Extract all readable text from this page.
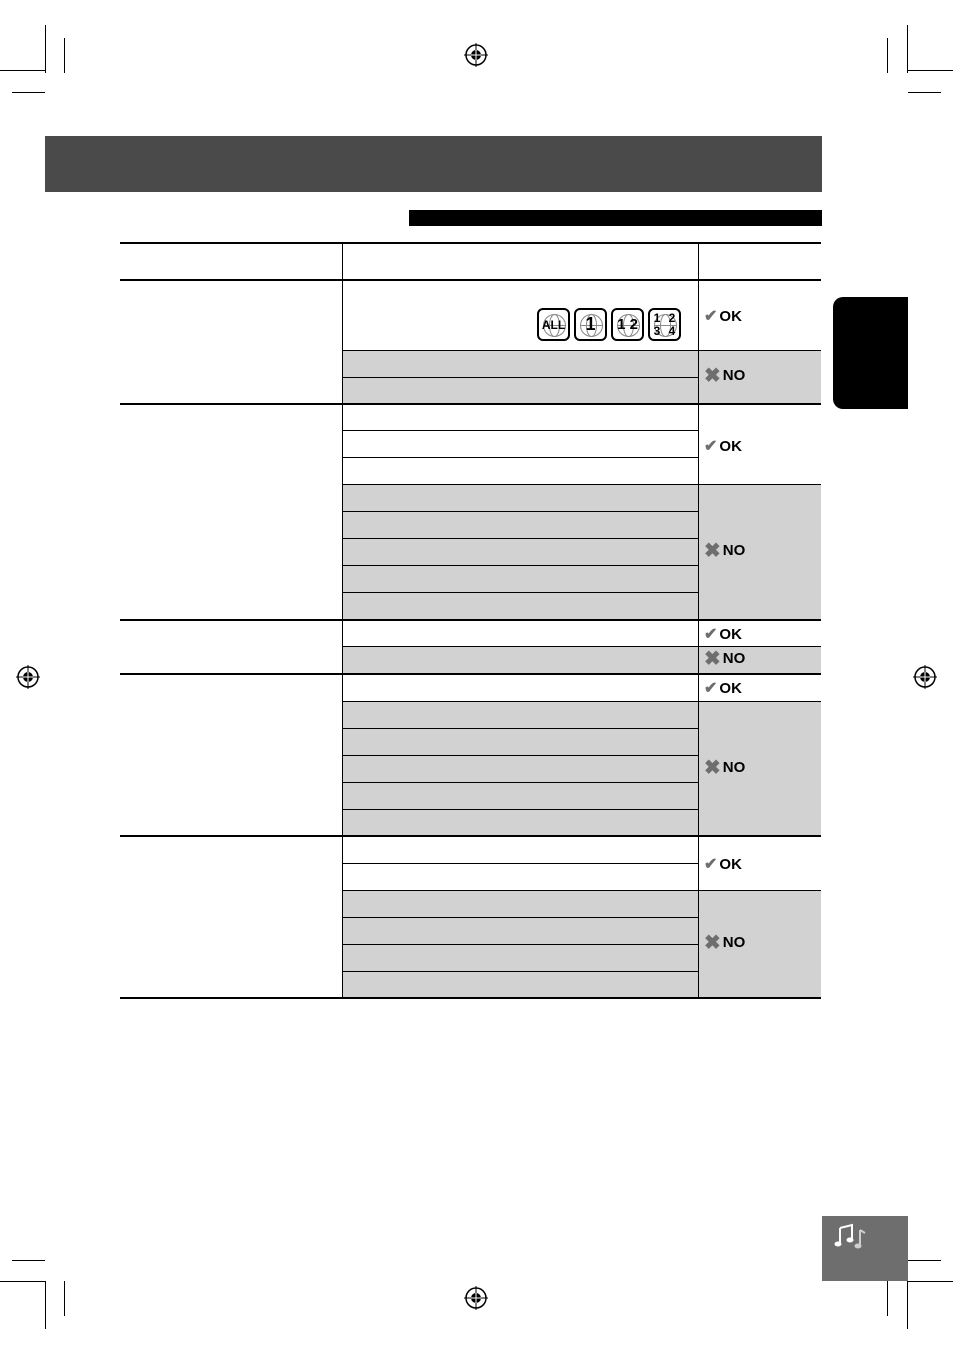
ALL 1 1 2 1 2 3 4
✔ OK
✖ NO
✔ OK
✖ NO
✔ OK
✖ NO
✔ OK
✖ NO
✔ OK
✖ NO
